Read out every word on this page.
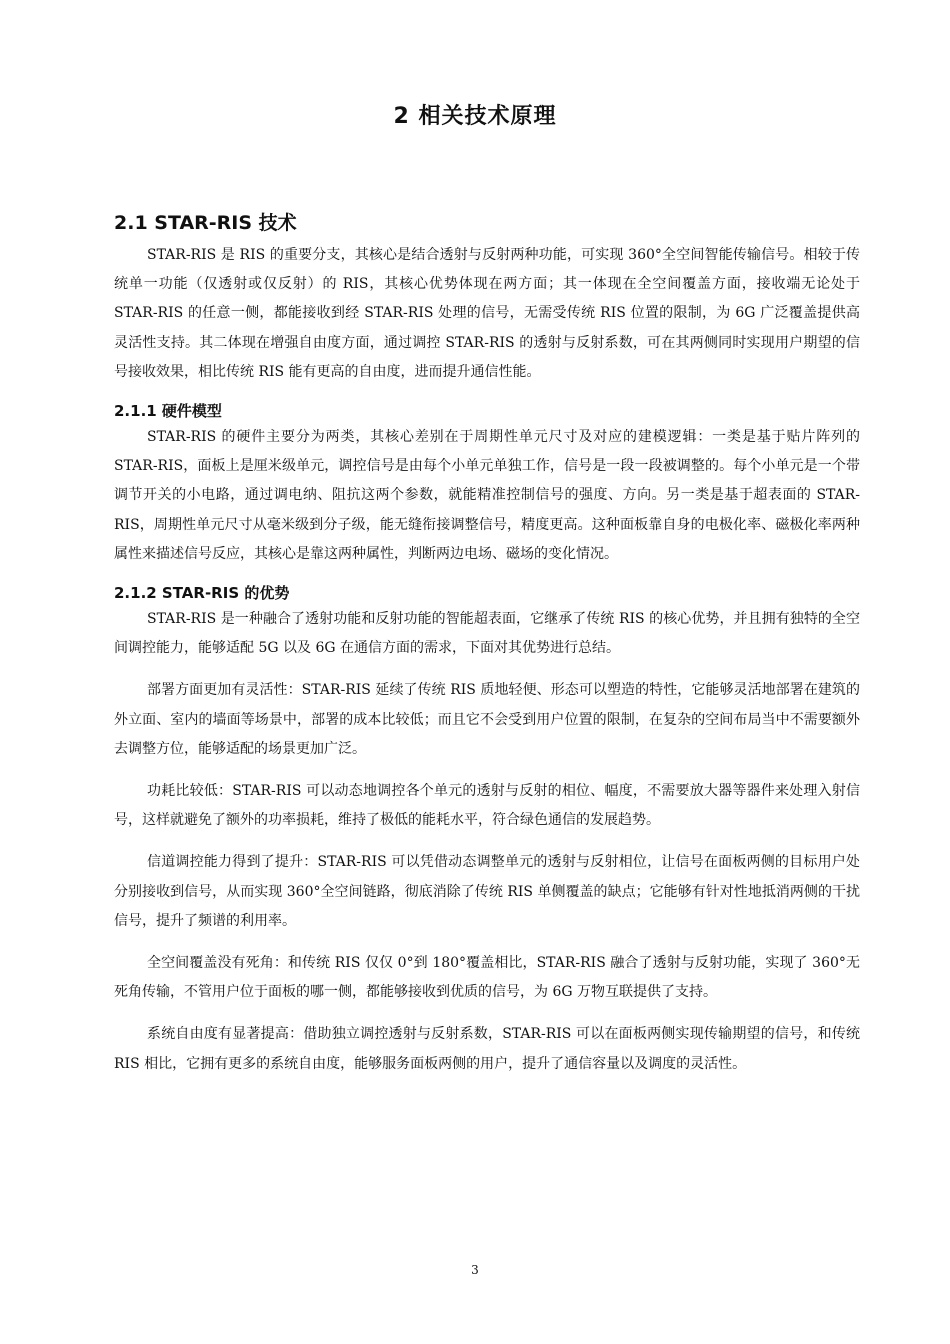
2 相关技术原理
2.1 STAR-RIS 技术

STAR-RIS 是 RIS 的重要分支，其核心是结合透射与反射两种功能，可实现 360°全空间智能传输信号。相较于传统单一功能（仅透射或仅反射）的 RIS，其核心优势体现在两方面；其一体现在全空间覆盖方面，接收端无论处于 STAR-RIS 的任意一侧，都能接收到经 STAR-RIS 处理的信号，无需受传统 RIS 位置的限制，为 6G 广泛覆盖提供高灵活性支持。其二体现在增强自由度方面，通过调控 STAR-RIS 的透射与反射系数，可在其两侧同时实现用户期望的信号接收效果，相比传统 RIS 能有更高的自由度，进而提升通信性能。

2.1.1 硬件模型

STAR-RIS 的硬件主要分为两类，其核心差别在于周期性单元尺寸及对应的建模逻辑：一类是基于贴片阵列的 STAR-RIS，面板上是厘米级单元，调控信号是由每个小单元单独工作，信号是一段一段被调整的。每个小单元是一个带调节开关的小电路，通过调电纳、阻抗这两个参数，就能精准控制信号的强度、方向。另一类是基于超表面的 STAR-RIS，周期性单元尺寸从毫米级到分子级，能无缝衔接调整信号，精度更高。这种面板靠自身的电极化率、磁极化率两种属性来描述信号反应，其核心是靠这两种属性，判断两边电场、磁场的变化情况。

2.1.2 STAR-RIS 的优势

STAR-RIS 是一种融合了透射功能和反射功能的智能超表面，它继承了传统 RIS 的核心优势，并且拥有独特的全空间调控能力，能够适配 5G 以及 6G 在通信方面的需求，下面对其优势进行总结。

部署方面更加有灵活性：STAR-RIS 延续了传统 RIS 质地轻便、形态可以塑造的特性，它能够灵活地部署在建筑的外立面、室内的墙面等场景中，部署的成本比较低；而且它不会受到用户位置的限制，在复杂的空间布局当中不需要额外去调整方位，能够适配的场景更加广泛。

功耗比较低：STAR-RIS 可以动态地调控各个单元的透射与反射的相位、幅度，不需要放大器等器件来处理入射信号，这样就避免了额外的功率损耗，维持了极低的能耗水平，符合绿色通信的发展趋势。

信道调控能力得到了提升：STAR-RIS 可以凭借动态调整单元的透射与反射相位，让信号在面板两侧的目标用户处分别接收到信号，从而实现 360°全空间链路，彻底消除了传统 RIS 单侧覆盖的缺点；它能够有针对性地抵消两侧的干扰信号，提升了频谱的利用率。

全空间覆盖没有死角：和传统 RIS 仅仅 0°到 180°覆盖相比，STAR-RIS 融合了透射与反射功能，实现了 360°无死角传输，不管用户位于面板的哪一侧，都能够接收到优质的信号，为 6G 万物互联提供了支持。

系统自由度有显著提高：借助独立调控透射与反射系数，STAR-RIS 可以在面板两侧实现传输期望的信号，和传统 RIS 相比，它拥有更多的系统自由度，能够服务面板两侧的用户，提升了通信容量以及调度的灵活性。

3
